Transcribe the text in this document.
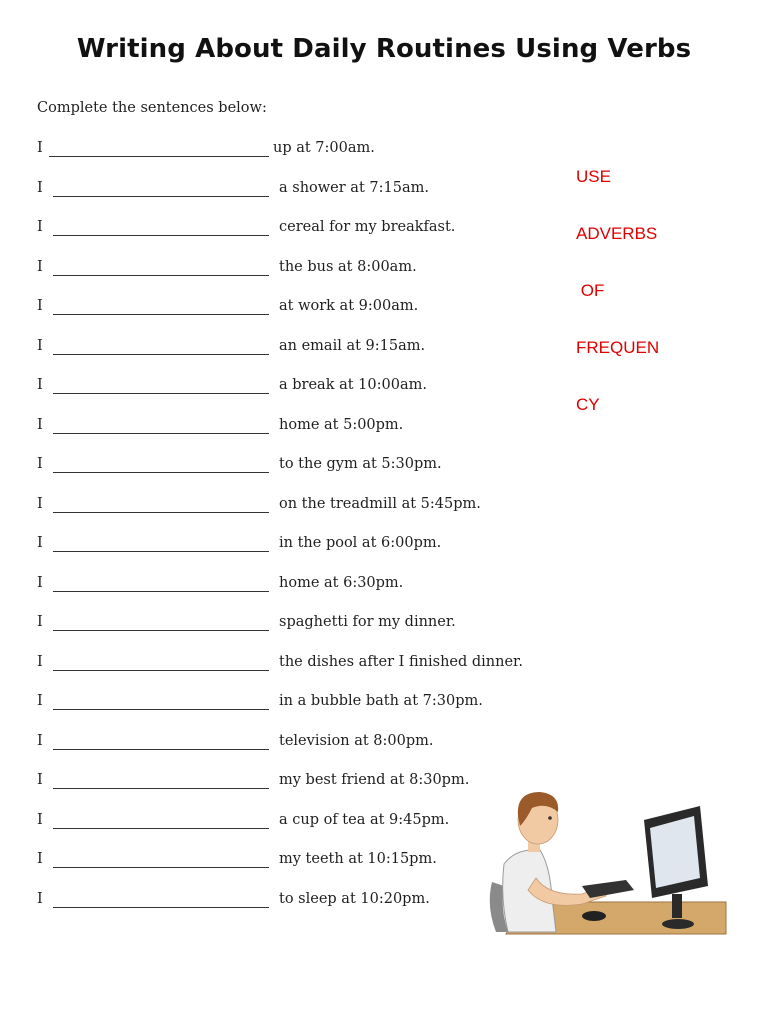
Writing About Daily Routines Using Verbs
Complete the sentences below:

USE

ADVERBS

OF

FREQUEN

CY

I	up at 7:00am.
I	a shower at 7:15am.
I	cereal for my breakfast.
I	the bus at 8:00am.
I	at work at 9:00am.
I	an email at 9:15am.
I	a break at 10:00am.
I	home at 5:00pm.
I	to the gym at 5:30pm.
I	on the treadmill at 5:45pm.
I	in the pool at 6:00pm.
I	home at 6:30pm.
I	spaghetti for my dinner.
I	the dishes after I finished dinner.
I	in a bubble bath at 7:30pm.
I	television at 8:00pm.
I	my best friend at 8:30pm.
I	a cup of tea at 9:45pm.
I	my teeth at 10:15pm.
I	to sleep at 10:20pm.
